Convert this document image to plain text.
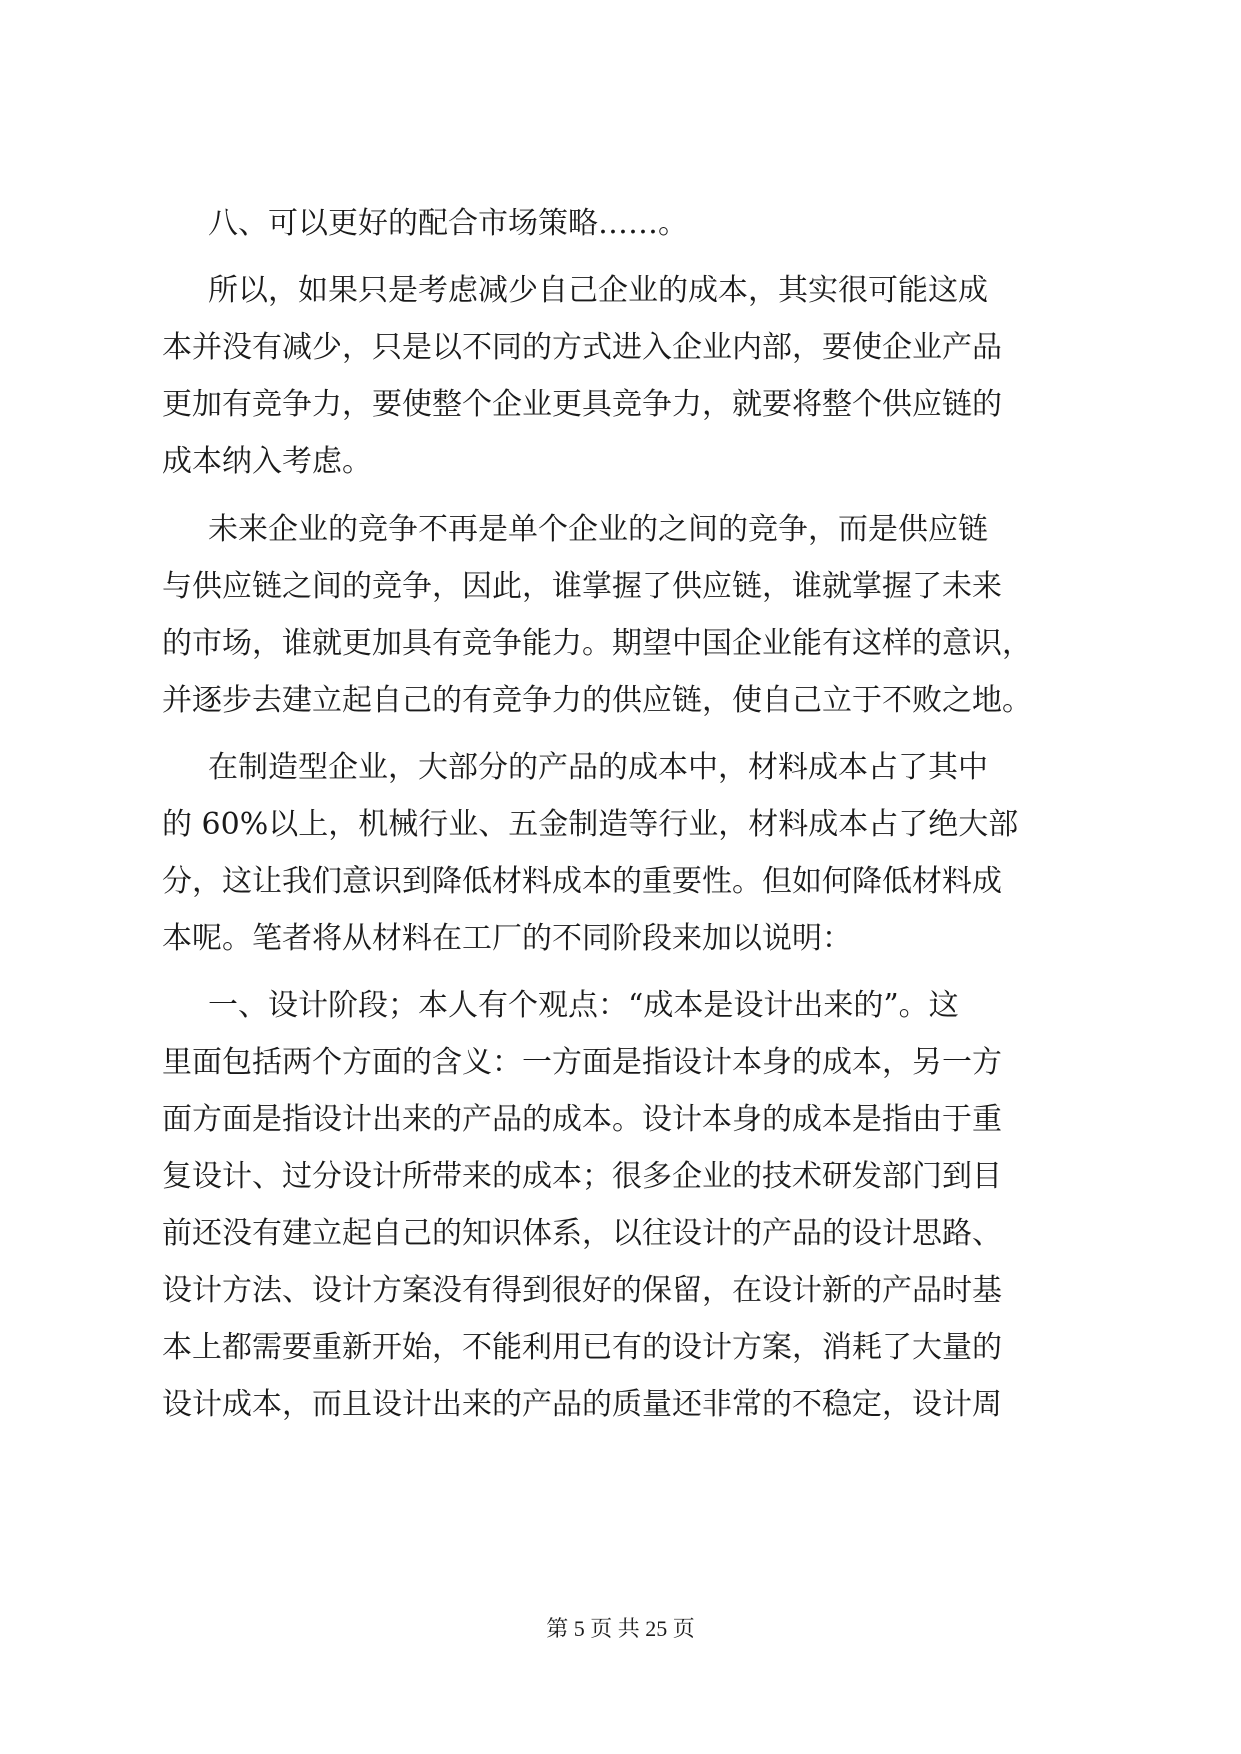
八、可以更好的配合市场策略……。
所以，如果只是考虑减少自己企业的成本，其实很可能这成
本并没有减少，只是以不同的方式进入企业内部，要使企业产品
更加有竞争力，要使整个企业更具竞争力，就要将整个供应链的
成本纳入考虑。
未来企业的竞争不再是单个企业的之间的竞争，而是供应链
与供应链之间的竞争，因此，谁掌握了供应链，谁就掌握了未来
的市场，谁就更加具有竞争能力。期望中国企业能有这样的意识，
并逐步去建立起自己的有竞争力的供应链，使自己立于不败之地。
在制造型企业，大部分的产品的成本中，材料成本占了其中
的 60%以上，机械行业、五金制造等行业，材料成本占了绝大部
分，这让我们意识到降低材料成本的重要性。但如何降低材料成
本呢。笔者将从材料在工厂的不同阶段来加以说明：
一、设计阶段；本人有个观点：“成本是设计出来的”。这
里面包括两个方面的含义：一方面是指设计本身的成本，另一方
面方面是指设计出来的产品的成本。设计本身的成本是指由于重
复设计、过分设计所带来的成本；很多企业的技术研发部门到目
前还没有建立起自己的知识体系，以往设计的产品的设计思路、
设计方法、设计方案没有得到很好的保留，在设计新的产品时基
本上都需要重新开始，不能利用已有的设计方案，消耗了大量的
设计成本，而且设计出来的产品的质量还非常的不稳定，设计周
第 5 页 共 25 页
